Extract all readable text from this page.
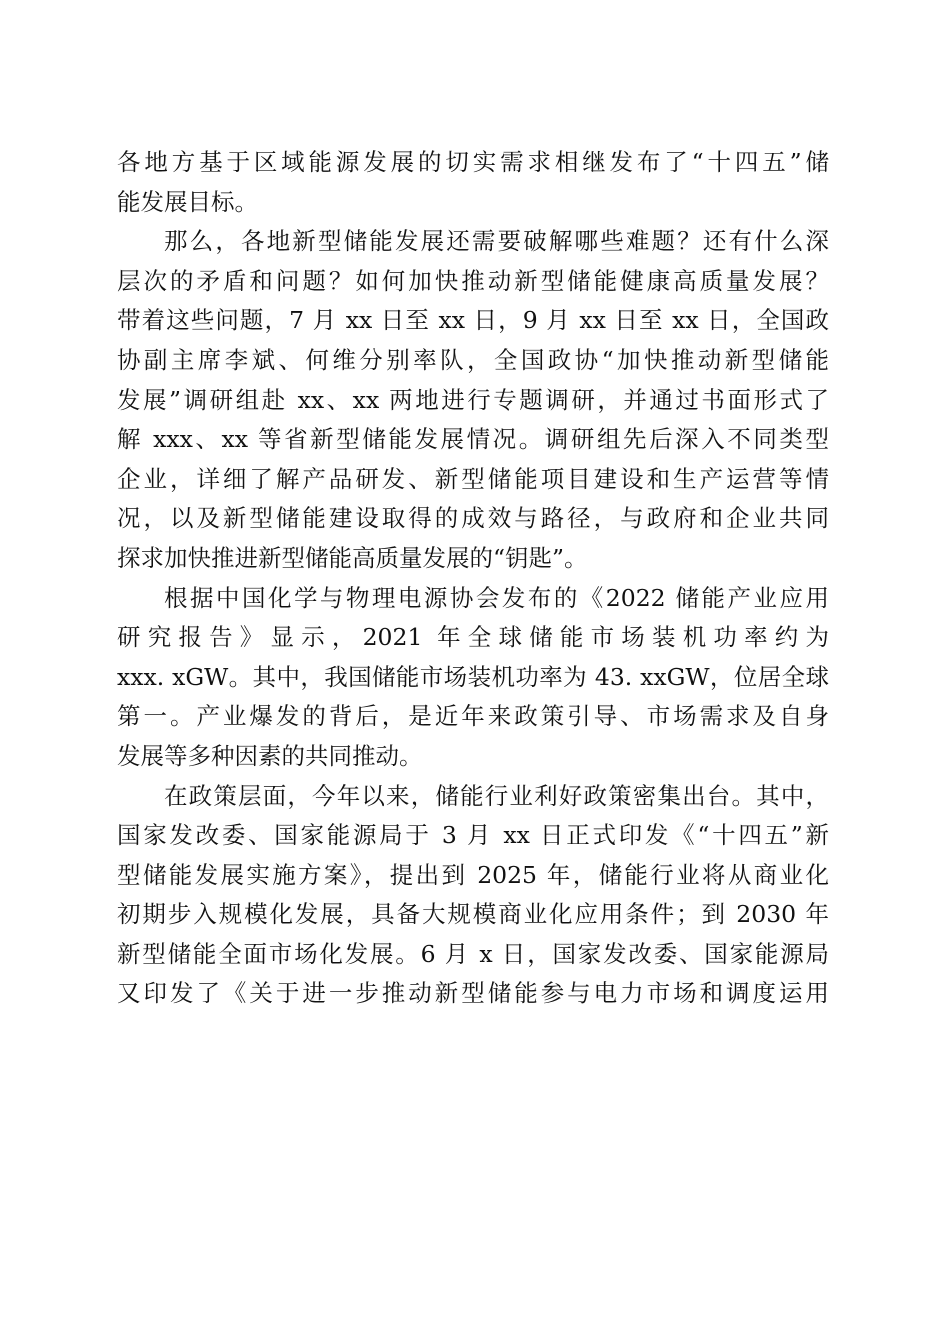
各地方基于区域能源发展的切实需求相继发布了“十四五”储
能发展目标。
那么，各地新型储能发展还需要破解哪些难题？还有什么深
层次的矛盾和问题？如何加快推动新型储能健康高质量发展？
带着这些问题，7 月 xx 日至 xx 日，9 月 xx 日至 xx 日，全国政
协副主席李斌、何维分别率队，全国政协“加快推动新型储能
发展”调研组赴 xx、xx 两地进行专题调研，并通过书面形式了
解 xxx、xx 等省新型储能发展情况。调研组先后深入不同类型
企业，详细了解产品研发、新型储能项目建设和生产运营等情
况，以及新型储能建设取得的成效与路径，与政府和企业共同
探求加快推进新型储能高质量发展的“钥匙”。
根据中国化学与物理电源协会发布的《2022 储能产业应用
研究报告》显示，2021 年全球储能市场装机功率约为
xxx. xGW。其中，我国储能市场装机功率为 43. xxGW，位居全球
第一。产业爆发的背后，是近年来政策引导、市场需求及自身
发展等多种因素的共同推动。
在政策层面，今年以来，储能行业利好政策密集出台。其中，
国家发改委、国家能源局于 3 月 xx 日正式印发《“十四五”新
型储能发展实施方案》，提出到 2025 年，储能行业将从商业化
初期步入规模化发展，具备大规模商业化应用条件；到 2030 年
新型储能全面市场化发展。6 月 x 日，国家发改委、国家能源局
又印发了《关于进一步推动新型储能参与电力市场和调度运用
